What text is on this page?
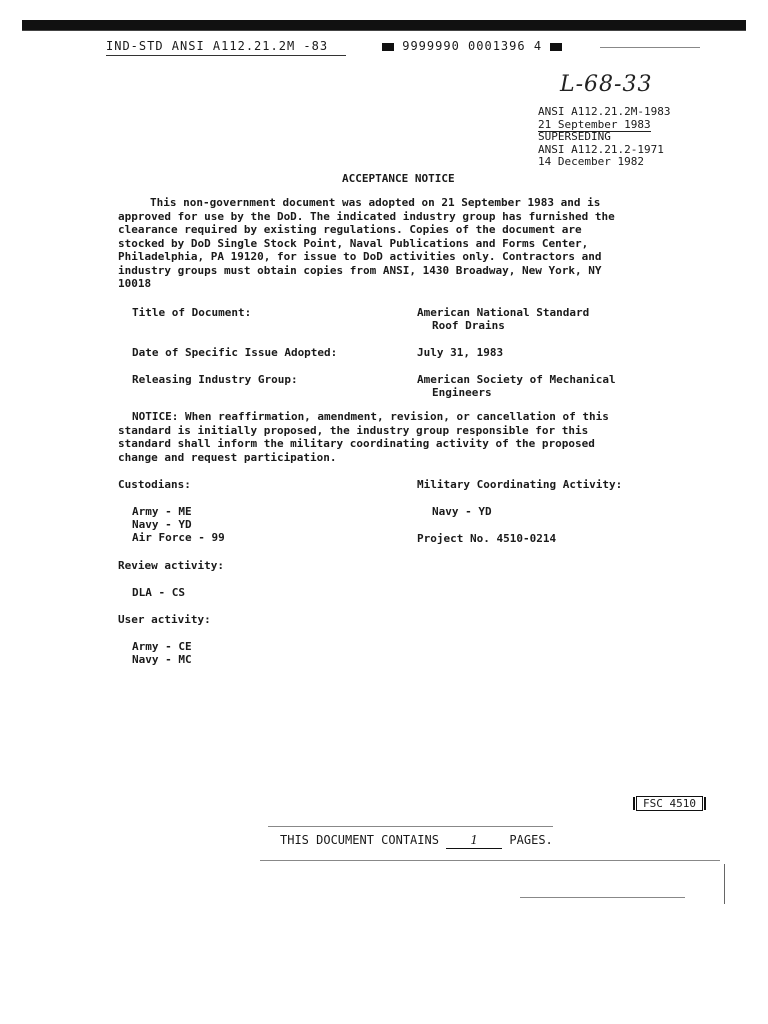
IND-STD ANSI A112.21.2M -83	9999990 0001396 4
L-68-33
ANSI A112.21.2M-1983
21 September 1983
SUPERSEDING
ANSI A112.21.2-1971
14 December 1982
ACCEPTANCE NOTICE
This non-government document was adopted on 21 September 1983 and is
approved for use by the DoD. The indicated industry group has furnished the
clearance required by existing regulations. Copies of the document are
stocked by DoD Single Stock Point, Naval Publications and Forms Center,
Philadelphia, PA 19120, for issue to DoD activities only. Contractors and
industry groups must obtain copies from ANSI, 1430 Broadway, New York, NY
10018
Title of Document:	American National Standard
Roof Drains
Date of Specific Issue Adopted:	July 31, 1983
Releasing Industry Group:	American Society of Mechanical
Engineers
NOTICE: When reaffirmation, amendment, revision, or cancellation of this
standard is initially proposed, the industry group responsible for this
standard shall inform the military coordinating activity of the proposed
change and request participation.
Custodians:
Army - ME
Navy - YD
Air Force - 99
Military Coordinating Activity:
Navy - YD
Project No. 4510-0214
Review activity:
DLA - CS
User activity:
Army - CE
Navy - MC
FSC 4510
THIS DOCUMENT CONTAINS	1	PAGES.
